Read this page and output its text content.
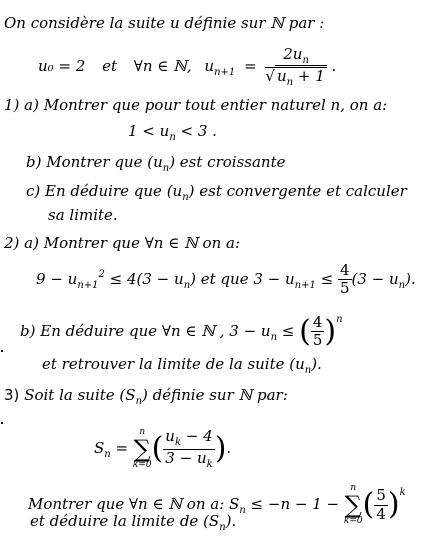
On considère la suite u définie sur ℕ par :
u₀ = 2 et ∀n ∈ ℕ, $u_{n+1} = \frac{2u_n}{√ u_n + 1}$ .
1) a) Montrer que pour tout entier naturel n, on a:
$1 < u_n < 3$ .
b) Montrer que $(u_n)$ est croissante
c) En déduire que $(u_n)$ est convergente et calculer
sa limite.
2) a) Montrer que ∀n ∈ ℕ on a:
$9 - u_{n+1}^2 \le 4(3 - u_n)$ et que $3 - u_{n+1} \le \frac{4}{5} (3 - u_n)$.
b) En déduire que ∀n ∈ ℕ , $3 - u_n$ ≤ ( $\frac{4}{5} )^n$
et retrouver la limite de la suite $(u_n)$.
3) Soit la suite $(S_n)$ définie sur ℕ par:
$S_n$ =
n
∑
k=0 ( $\frac{u_k - 4}{3 - u_k}$ ).
Montrer que ∀n ∈ ℕ on a: $S_n \le -n - 1$ −
n
∑
k=0 ( $\frac{5}{4} )^k$
et déduire la limite de $(S_n)$.
